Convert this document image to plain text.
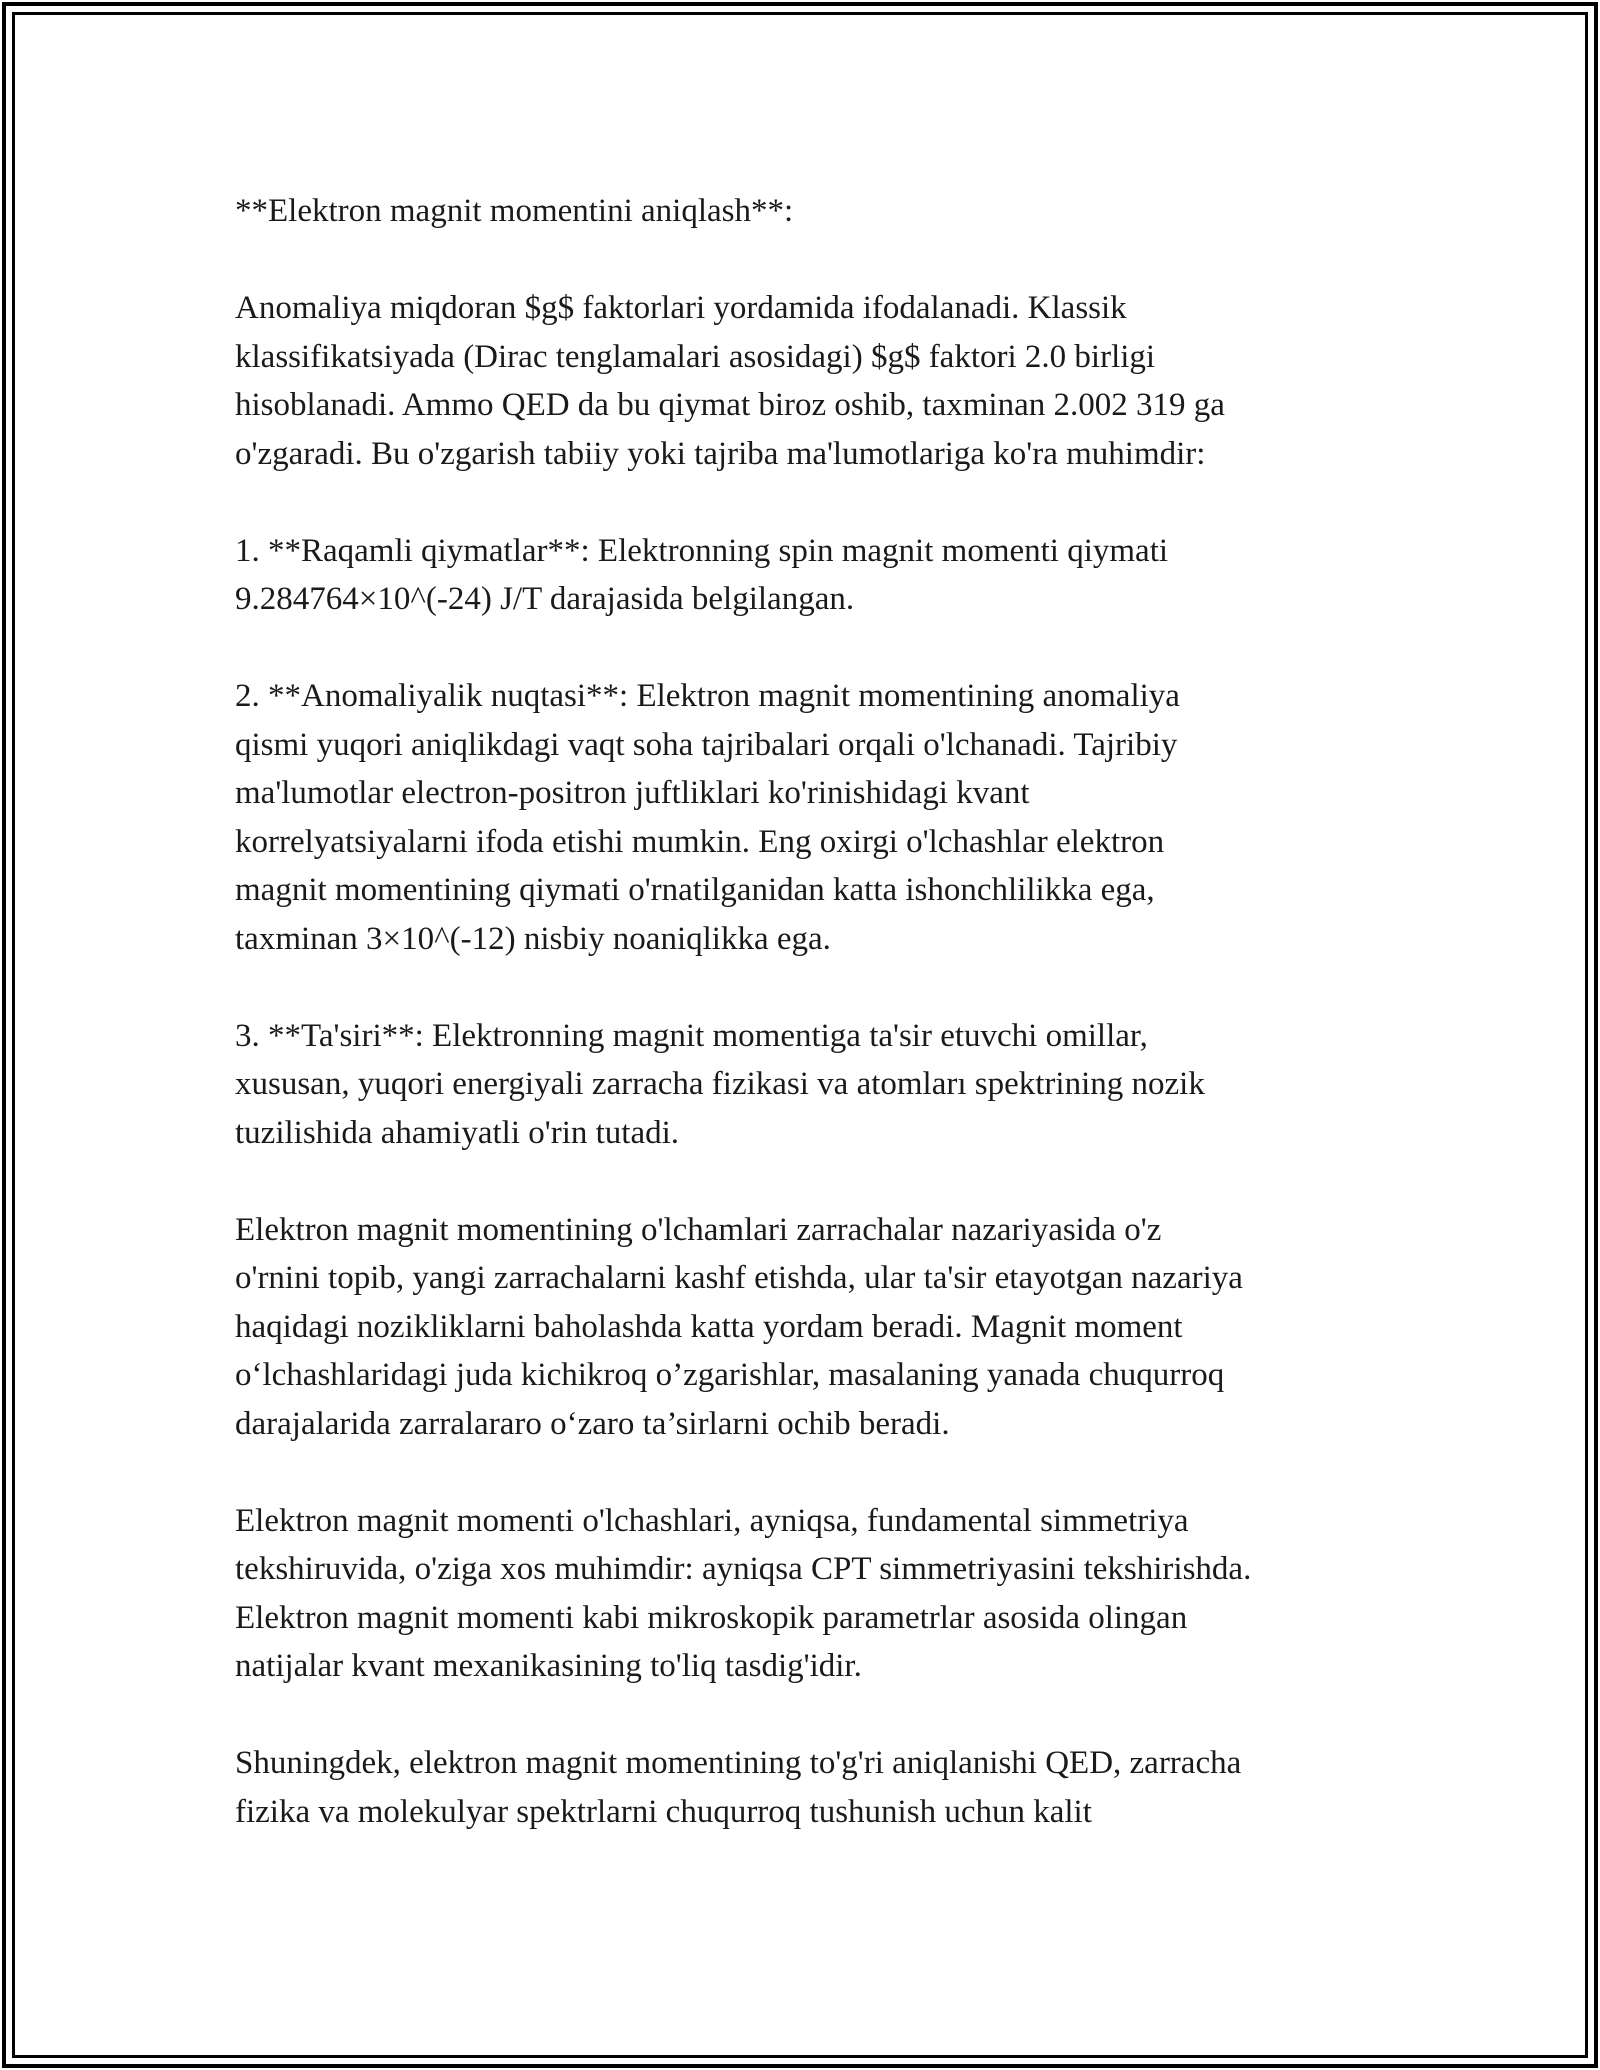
**Elektron magnit momentini aniqlash**:

Anomaliya miqdoran $g$ faktorlari yordamida ifodalanadi. Klassik
klassifikatsiyada (Dirac tenglamalari asosidagi) $g$ faktori 2.0 birligi
hisoblanadi. Ammo QED da bu qiymat biroz oshib, taxminan 2.002 319 ga
o'zgaradi. Bu o'zgarish tabiiy yoki tajriba ma'lumotlariga ko'ra muhimdir:

1. **Raqamli qiymatlar**: Elektronning spin magnit momenti qiymati
9.284764×10^(-24) J/T darajasida belgilangan.

2. **Anomaliyalik nuqtasi**: Elektron magnit momentining anomaliya
qismi yuqori aniqlikdagi vaqt soha tajribalari orqali o'lchanadi. Tajribiy
ma'lumotlar electron-positron juftliklari ko'rinishidagi kvant
korrelyatsiyalarni ifoda etishi mumkin. Eng oxirgi o'lchashlar elektron
magnit momentining qiymati o'rnatilganidan katta ishonchlilikka ega,
taxminan 3×10^(-12) nisbiy noaniqlikka ega.

3. **Ta'siri**: Elektronning magnit momentiga ta'sir etuvchi omillar,
xususan, yuqori energiyali zarracha fizikasi va atomları spektrining nozik
tuzilishida ahamiyatli o'rin tutadi.

Elektron magnit momentining o'lchamlari zarrachalar nazariyasida o'z
o'rnini topib, yangi zarrachalarni kashf etishda, ular ta'sir etayotgan nazariya
haqidagi nozikliklarni baholashda katta yordam beradi. Magnit moment
o‘lchashlaridagi juda kichikroq o’zgarishlar, masalaning yanada chuqurroq
darajalarida zarralararo o‘zaro ta’sirlarni ochib beradi.

Elektron magnit momenti o'lchashlari, ayniqsa, fundamental simmetriya
tekshiruvida, o'ziga xos muhimdir: ayniqsa CPT simmetriyasini tekshirishda.
Elektron magnit momenti kabi mikroskopik parametrlar asosida olingan
natijalar kvant mexanikasining to'liq tasdig'idir.

Shuningdek, elektron magnit momentining to'g'ri aniqlanishi QED, zarracha
fizika va molekulyar spektrlarni chuqurroq tushunish uchun kalit
